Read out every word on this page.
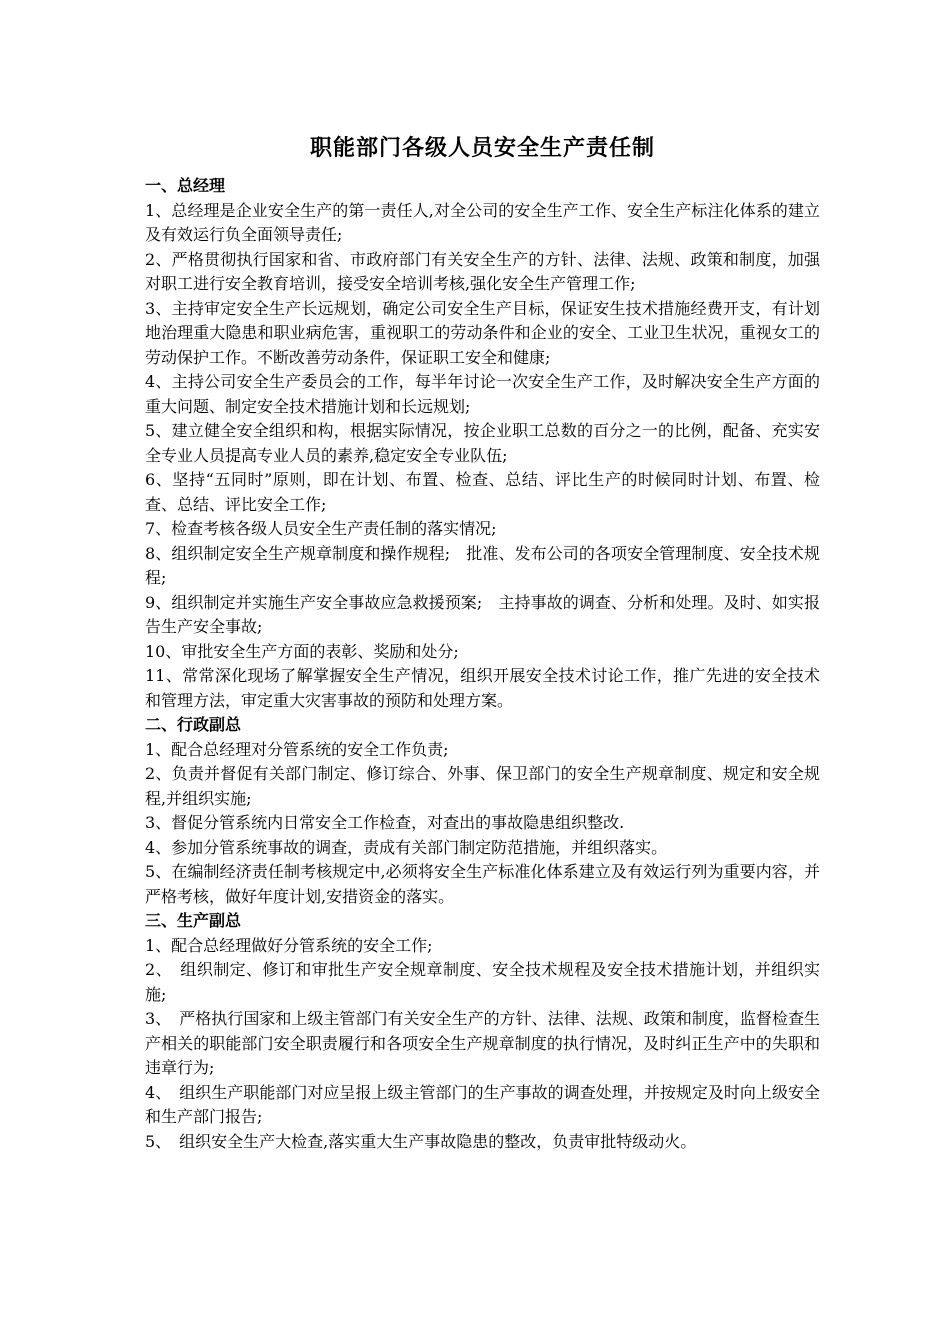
职能部门各级人员安全生产责任制
一、总经理

1、总经理是企业安全生产的第一责任人,对全公司的安全生产工作、安全生产标注化体系的建立及有效运行负全面领导责任;

2、严格贯彻执行国家和省、市政府部门有关安全生产的方针、法律、法规、政策和制度，加强对职工进行安全教育培训，接受安全培训考核,强化安全生产管理工作;

3、主持审定安全生产长远规划，确定公司安全生产目标，保证安生技术措施经费开支，有计划地治理重大隐患和职业病危害，重视职工的劳动条件和企业的安全、工业卫生状况，重视女工的劳动保护工作。不断改善劳动条件，保证职工安全和健康;

4、主持公司安全生产委员会的工作，每半年讨论一次安全生产工作，及时解决安全生产方面的重大问题、制定安全技术措施计划和长远规划;

5、建立健全安全组织和构，根据实际情况，按企业职工总数的百分之一的比例，配备、充实安全专业人员提高专业人员的素养,稳定安全专业队伍;

6、坚持“五同时”原则，即在计划、布置、检查、总结、评比生产的时候同时计划、布置、检查、总结、评比安全工作;

7、检查考核各级人员安全生产责任制的落实情况;

8、组织制定安全生产规章制度和操作规程;　批准、发布公司的各项安全管理制度、安全技术规程;

9、组织制定并实施生产安全事故应急救援预案;　主持事故的调查、分析和处理。及时、如实报告生产安全事故;

10、审批安全生产方面的表彰、奖励和处分;

11、常常深化现场了解掌握安全生产情况，组织开展安全技术讨论工作，推广先进的安全技术和管理方法，审定重大灾害事故的预防和处理方案。

二、行政副总

1、配合总经理对分管系统的安全工作负责;

2、负责并督促有关部门制定、修订综合、外事、保卫部门的安全生产规章制度、规定和安全规程,并组织实施;

3、督促分管系统内日常安全工作检查，对查出的事故隐患组织整改.

4、参加分管系统事故的调查，责成有关部门制定防范措施，并组织落实。

5、在编制经济责任制考核规定中,必须将安全生产标准化体系建立及有效运行列为重要内容，并严格考核，做好年度计划,安措资金的落实。

三、生产副总

1、配合总经理做好分管系统的安全工作;

2、　组织制定、修订和审批生产安全规章制度、安全技术规程及安全技术措施计划，并组织实施;

3、　严格执行国家和上级主管部门有关安全生产的方针、法律、法规、政策和制度，监督检查生产相关的职能部门安全职责履行和各项安全生产规章制度的执行情况，及时纠正生产中的失职和违章行为;

4、　组织生产职能部门对应呈报上级主管部门的生产事故的调查处理，并按规定及时向上级安全和生产部门报告;

5、　组织安全生产大检查,落实重大生产事故隐患的整改，负责审批特级动火。
